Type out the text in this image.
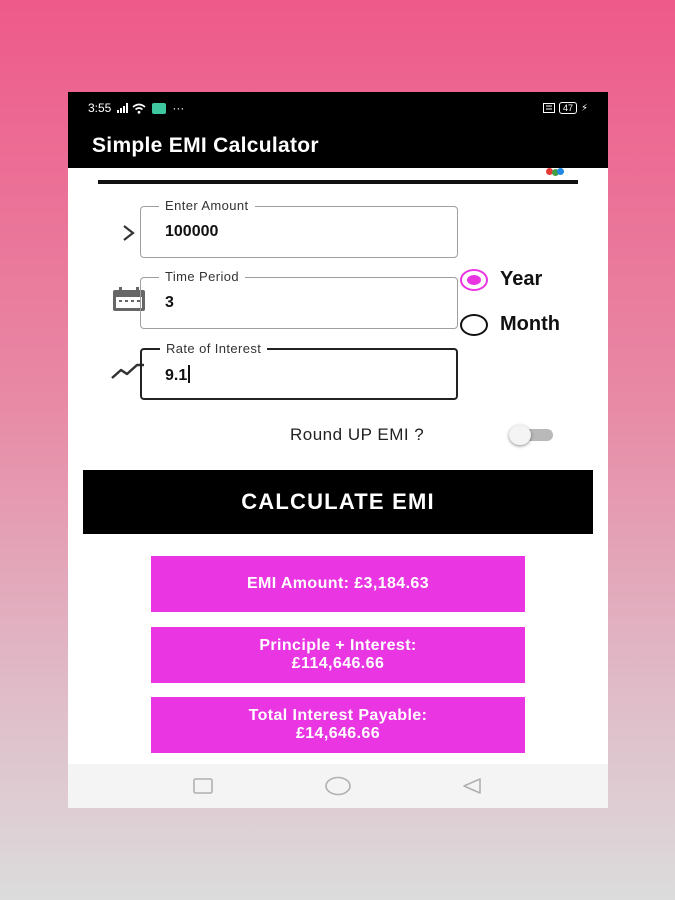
3:55	···	47 ⚡
Simple EMI Calculator
Enter Amount
100000
Time Period
3
Year
Month
Rate of Interest
9.1
Round UP EMI ?
CALCULATE EMI
EMI Amount: £3,184.63
Principle + Interest:
£114,646.66
Total Interest Payable:
£14,646.66
